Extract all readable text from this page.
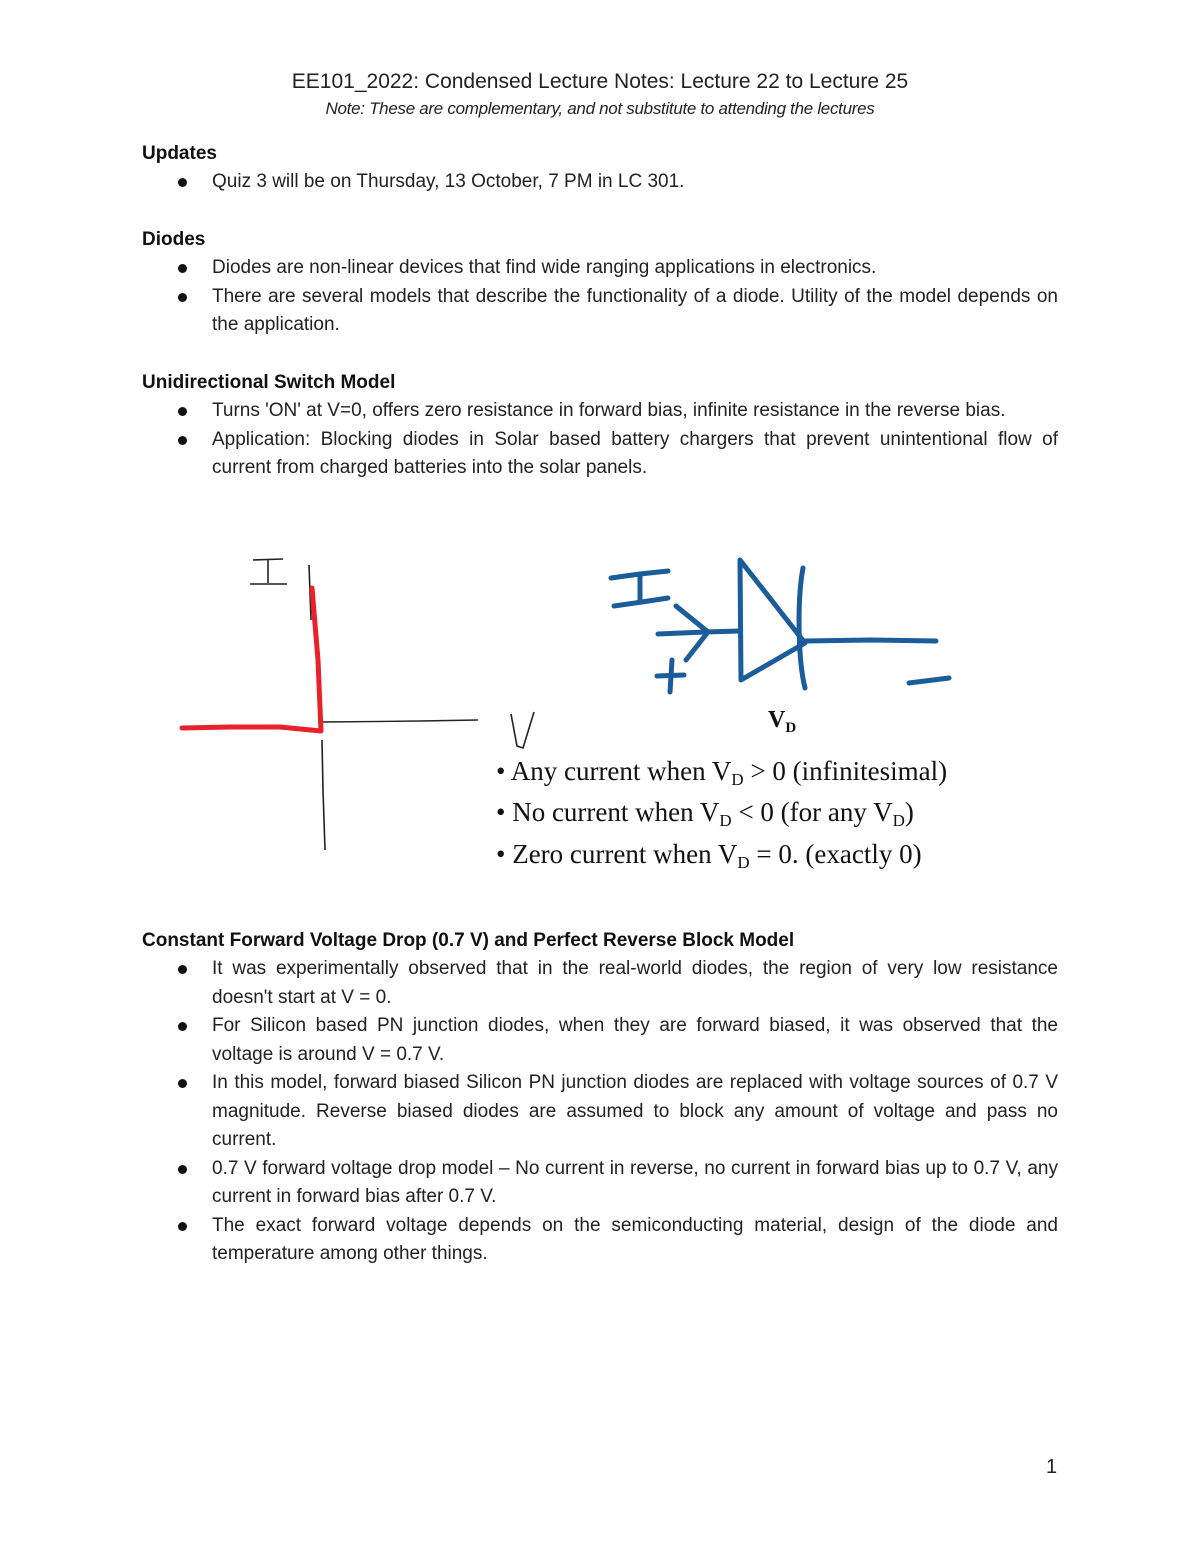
EE101_2022: Condensed Lecture Notes: Lecture 22 to Lecture 25
Note: These are complementary, and not substitute to attending the lectures
Updates
Quiz 3 will be on Thursday, 13 October, 7 PM in LC 301.
Diodes
Diodes are non-linear devices that find wide ranging applications in electronics.
There are several models that describe the functionality of a diode. Utility of the model depends on the application.
Unidirectional Switch Model
Turns 'ON' at V=0, offers zero resistance in forward bias, infinite resistance in the reverse bias.
Application: Blocking diodes in Solar based battery chargers that prevent unintentional flow of current from charged batteries into the solar panels.
$V_D$
• Any current when VD > 0 (infinitesimal)
• No current when VD < 0 (for any VD)
• Zero current when VD = 0. (exactly 0)
Constant Forward Voltage Drop (0.7 V) and Perfect Reverse Block Model
It was experimentally observed that in the real-world diodes, the region of very low resistance doesn't start at V = 0.
For Silicon based PN junction diodes, when they are forward biased, it was observed that the voltage is around V = 0.7 V.
In this model, forward biased Silicon PN junction diodes are replaced with voltage sources of 0.7 V magnitude. Reverse biased diodes are assumed to block any amount of voltage and pass no current.
0.7 V forward voltage drop model – No current in reverse, no current in forward bias up to 0.7 V, any current in forward bias after 0.7 V.
The exact forward voltage depends on the semiconducting material, design of the diode and temperature among other things.
1
